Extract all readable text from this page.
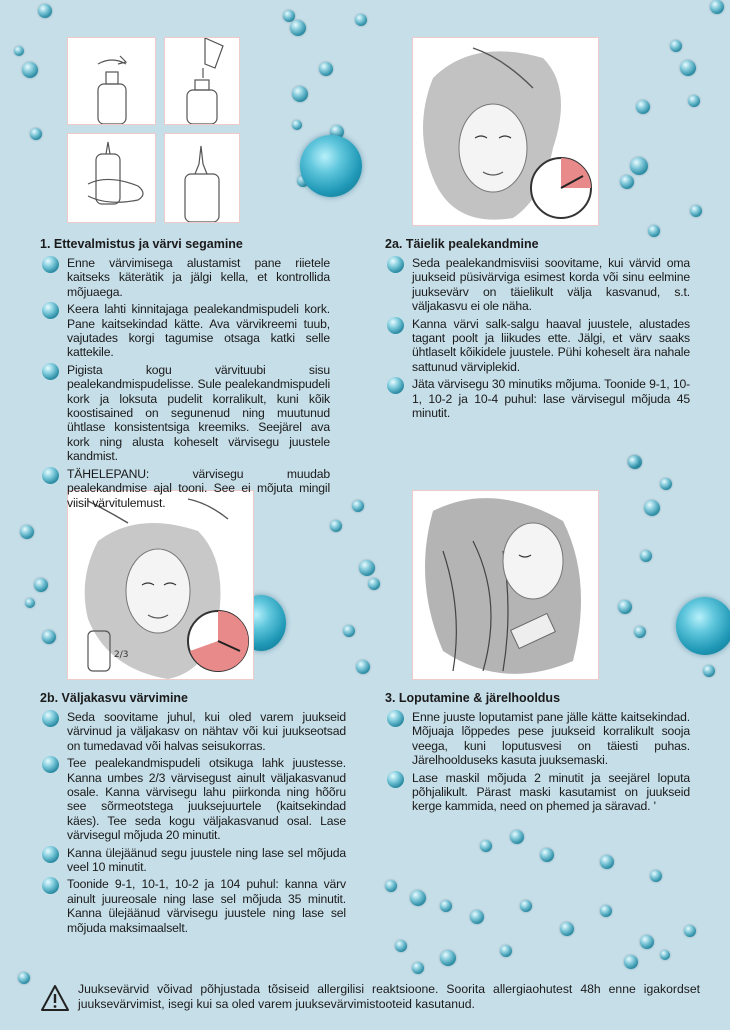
2/3
1. Ettevalmistus ja värvi segamine

Enne värvimisega alustamist pane riietele kaitseks käterätik ja jälgi kella, et kontrollida mõjuaega.

Keera lahti kinnitajaga pealekandmispudeli kork. Pane kaitsekindad kätte. Ava värvikreemi tuub, vajutades korgi tagumise otsaga katki selle kattekile.

Pigista kogu värvituubi sisu pealekandmispudelisse. Sule pealekandmispudeli kork ja loksuta pudelit korralikult, kuni kõik koostisained on segunenud ning muutunud ühtlase konsistentsiga kreemiks. Seejärel ava kork ning alusta koheselt värvisegu juustele kandmist.

TÄHELEPANU: värvisegu muudab pealekandmise ajal tooni. See ei mõjuta mingil viisil värvitulemust.

2a. Täielik pealekandmine

Seda pealekandmisviisi soovitame, kui värvid oma juukseid püsivärviga esimest korda või sinu eelmine juuksevärv on täielikult välja kasvanud, s.t. väljakasvu ei ole näha.

Kanna värvi salk-salgu haaval juustele, alustades tagant poolt ja liikudes ette. Jälgi, et värv saaks ühtlaselt kõikidele juustele. Pühi koheselt ära nahale sattunud värviplekid.

Jäta värvisegu 30 minutiks mõjuma. Toonide 9-1, 10-1, 10-2 ja 10-4 puhul: lase värvisegul mõjuda 45 minutit.

2b. Väljakasvu värvimine

Seda soovitame juhul, kui oled varem juukseid värvinud ja väljakasv on nähtav või kui juukseotsad on tumedavad või halvas seisukorras.

Tee pealekandmispudeli otsikuga lahk juustesse. Kanna umbes 2/3 värvisegust ainult väljakasvanud osale. Kanna värvisegu lahu piirkonda ning hõõru see sõrmeotstega juuksejuurtele (kaitsekindad käes). Tee seda kogu väljakasvanud osal. Lase värvisegul mõjuda 20 minutit.

Kanna ülejäänud segu juustele ning lase sel mõjuda veel 10 minutit.

Toonide 9-1, 10-1, 10-2 ja 104 puhul: kanna värv ainult juureosale ning lase sel mõjuda 35 minutit. Kanna ülejäänud värvisegu juustele ning lase sel mõjuda maksimaalselt.

3. Loputamine & järelhooldus

Enne juuste loputamist pane jälle kätte kaitsekindad. Mõjuaja lõppedes pese juukseid korralikult sooja veega, kuni loputusvesi on täiesti puhas. Järelhoolduseks kasuta juuksemaski.

Lase maskil mõjuda 2 minutit ja seejärel loputa põhjalikult. Pärast maski kasutamist on juukseid kerge kammida, need on phemed ja säravad. '

Juuksevärvid võivad põhjustada tõsiseid allergilisi reaktsioone. Soorita allergiaohutest 48h enne igakordset juuksevärvimist, isegi kui sa oled varem juuksevärvimistooteid kasutanud.
